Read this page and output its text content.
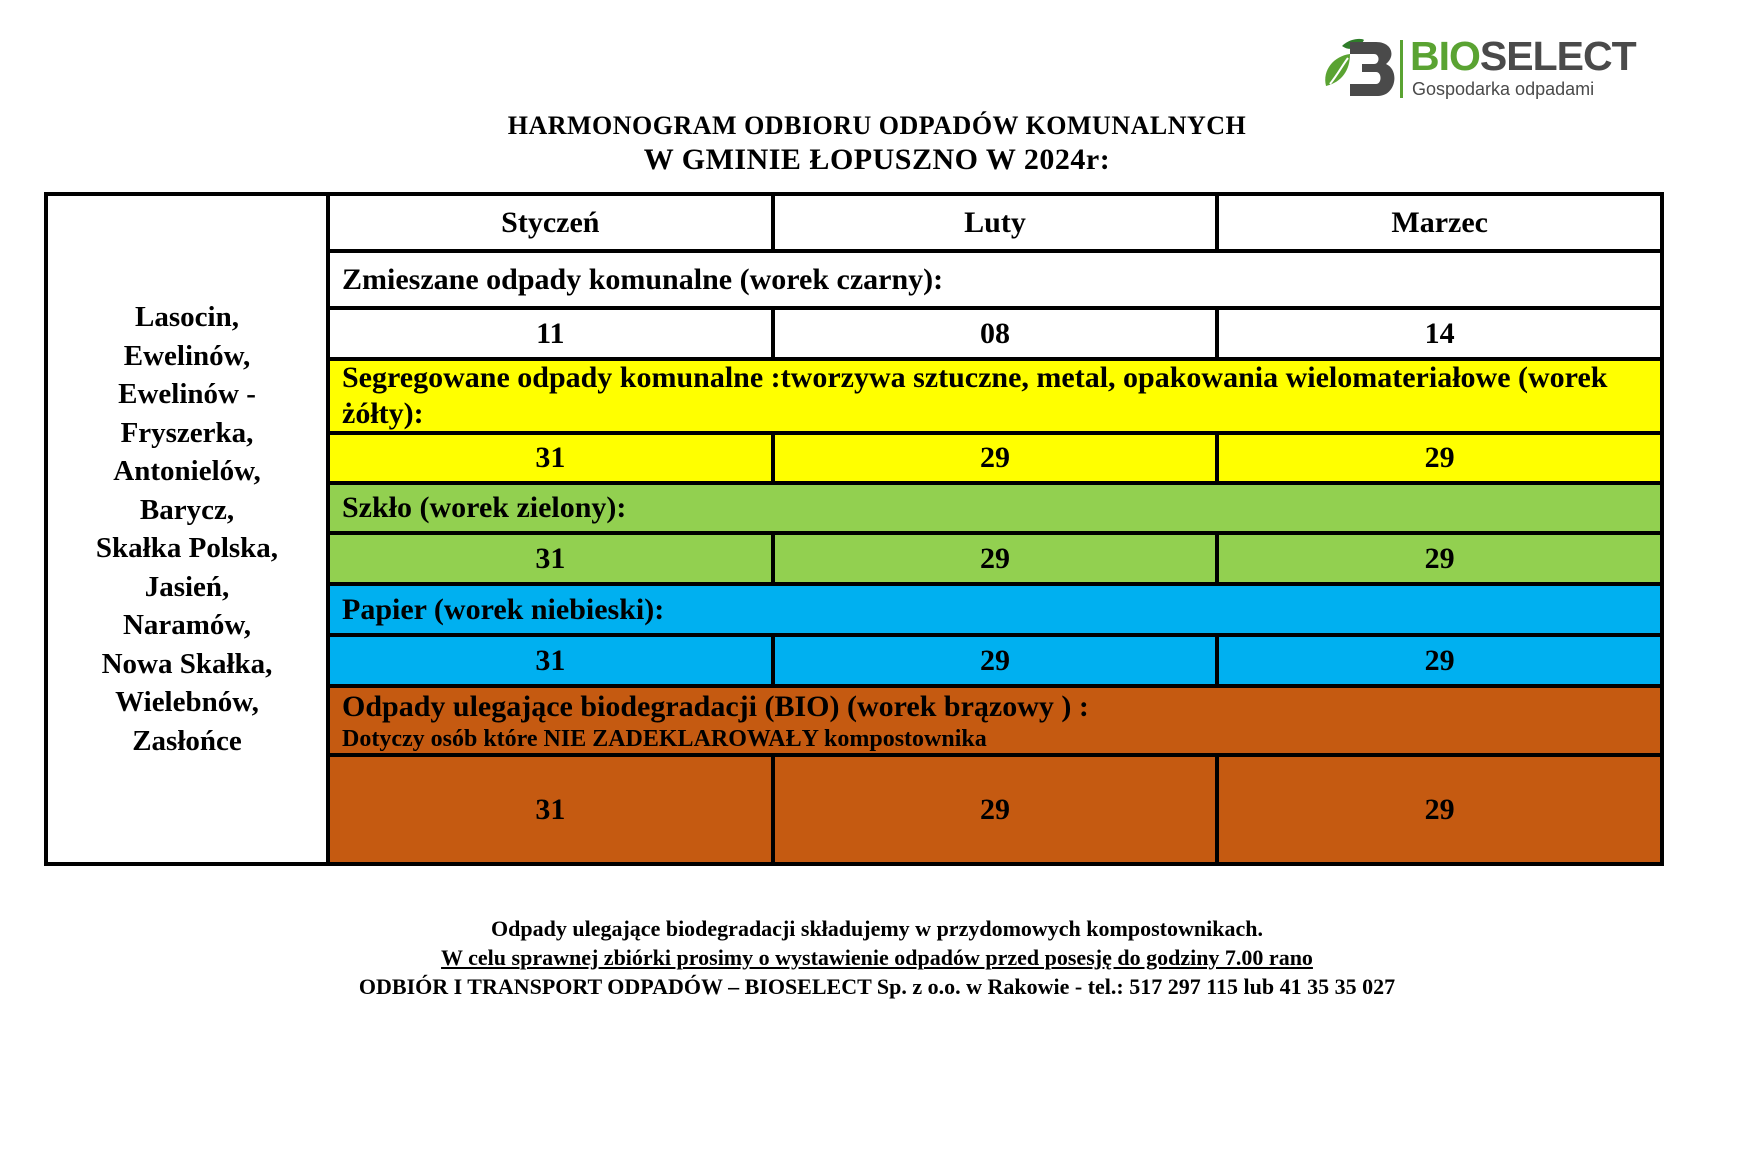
BIOSELECT
Gospodarka odpadami
HARMONOGRAM ODBIORU ODPADÓW KOMUNALNYCH
W GMINIE ŁOPUSZNO W 2024r:
Lasocin,
Ewelinów,
Ewelinów -
Fryszerka,
Antonielów,
Barycz,
Skałka Polska,
Jasień,
Naramów,
Nowa Skałka,
Wielebnów,
Zasłońce
Styczeń	Luty	Marzec
Zmieszane odpady komunalne (worek czarny):
11	08	14
Segregowane odpady komunalne :tworzywa sztuczne, metal, opakowania wielomateriałowe (worek żółty):
31	29	29
Szkło (worek zielony):
31	29	29
Papier (worek niebieski):
31	29	29
Odpady ulegające biodegradacji (BIO) (worek brązowy ) :
Dotyczy osób które NIE ZADEKLAROWAŁY kompostownika
31	29	29
Odpady ulegające biodegradacji składujemy w przydomowych kompostownikach.
W celu sprawnej zbiórki prosimy o wystawienie odpadów przed posesję do godziny 7.00 rano
ODBIÓR I TRANSPORT ODPADÓW – BIOSELECT Sp. z o.o. w Rakowie - tel.: 517 297 115 lub 41 35 35 027
